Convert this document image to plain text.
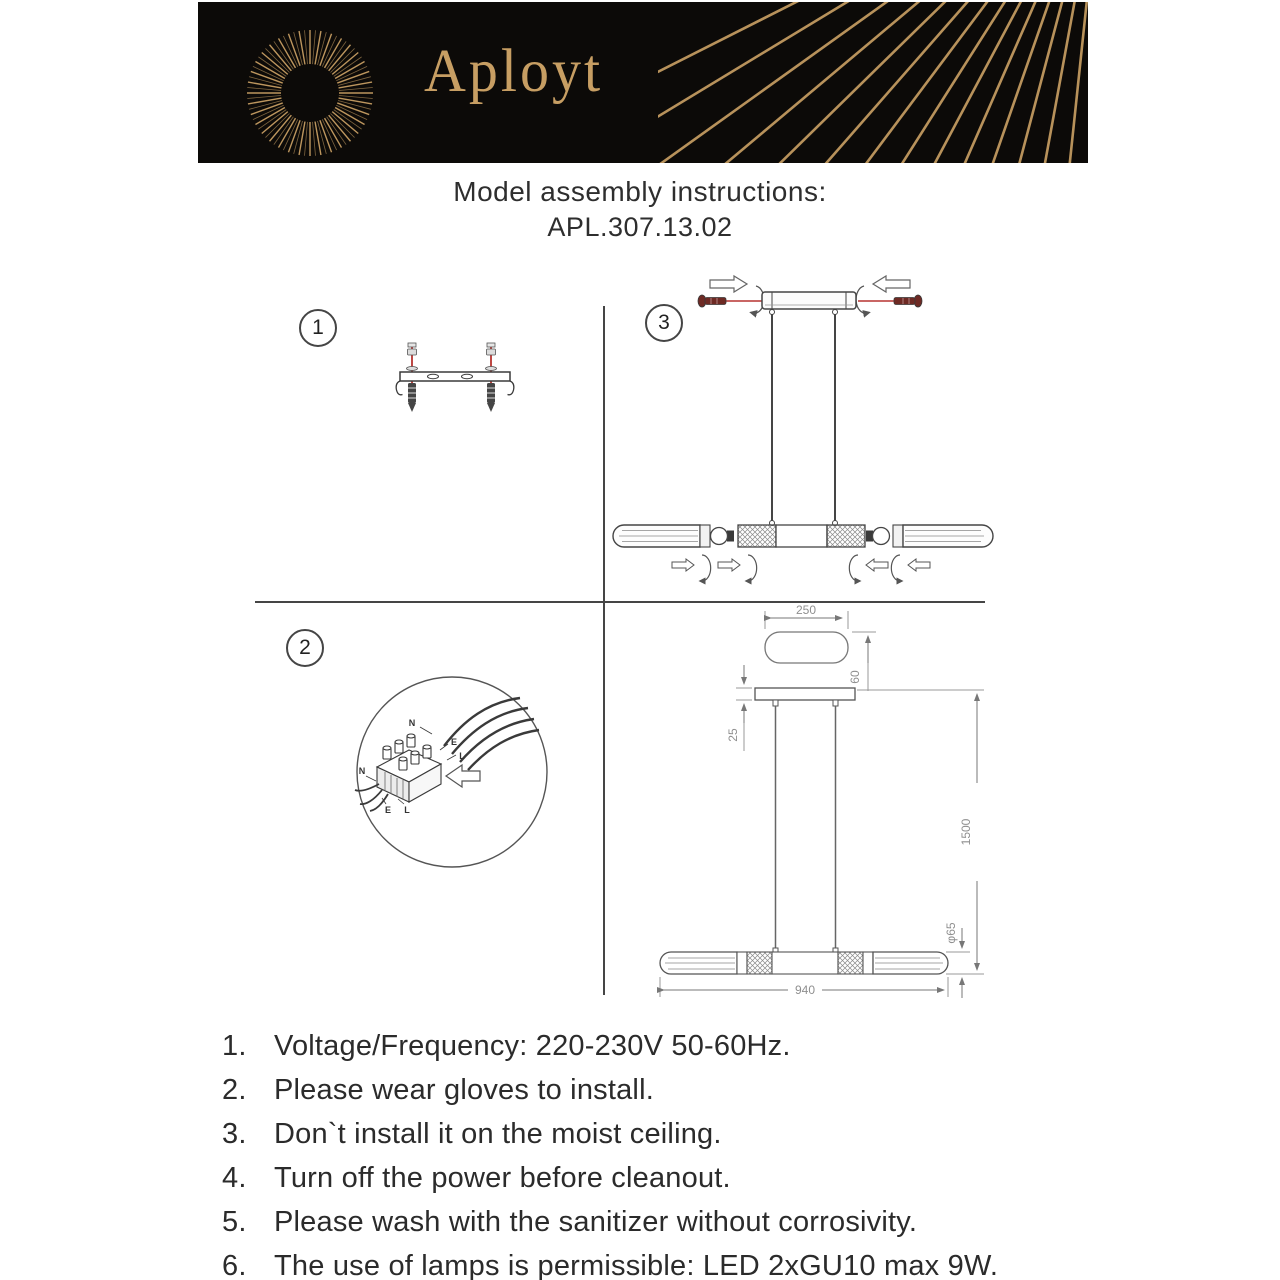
Aployt
Model assembly instructions:
APL.307.13.02
1	3
2
N
E
L
N
E L
250
60
25
940
1500
φ65
1. Voltage/Frequency: 220-230V 50-60Hz.
2. Please wear gloves to install.
3. Don`t install it on the moist ceiling.
4. Turn off the power before cleanout.
5. Please wash with the sanitizer without corrosivity.
6. The use of lamps is permissible: LED 2xGU10 max 9W.
